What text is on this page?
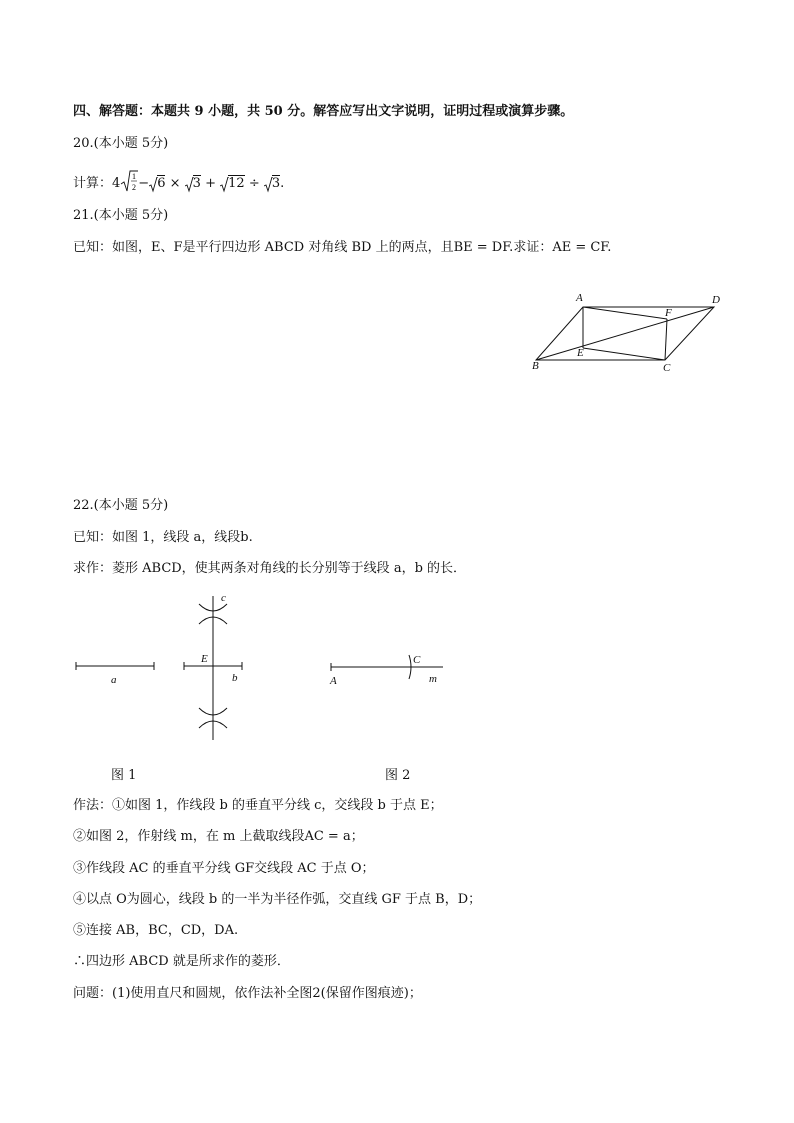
四、解答题：本题共 9 小题，共 50 分。解答应写出文字说明，证明过程或演算步骤。
20.(本小题 5分)
计算：4 1
2 − 6 × 3 + 12 ÷ 3.
21.(本小题 5分)
已知：如图，E、F是平行四边形 ABCD 对角线 BD 上的两点，且BE = DF.求证：AE = CF.
A	D
F
E
B	C
22.(本小题 5分)
已知：如图 1，线段 a，线段b.
求作：菱形 ABCD，使其两条对角线的长分别等于线段 a，b 的长．
c
E
a	b
C
A	m
图 1	图 2
作法：①如图 1，作线段 b 的垂直平分线 c，交线段 b 于点 E；
②如图 2，作射线 m，在 m 上截取线段AC = a；
③作线段 AC 的垂直平分线 GF交线段 AC 于点 O；
④以点 O为圆心，线段 b 的一半为半径作弧，交直线 GF 于点 B，D；
⑤连接 AB，BC，CD，DA.
∴四边形 ABCD 就是所求作的菱形．
问题：(1)使用直尺和圆规，依作法补全图2(保留作图痕迹)；
